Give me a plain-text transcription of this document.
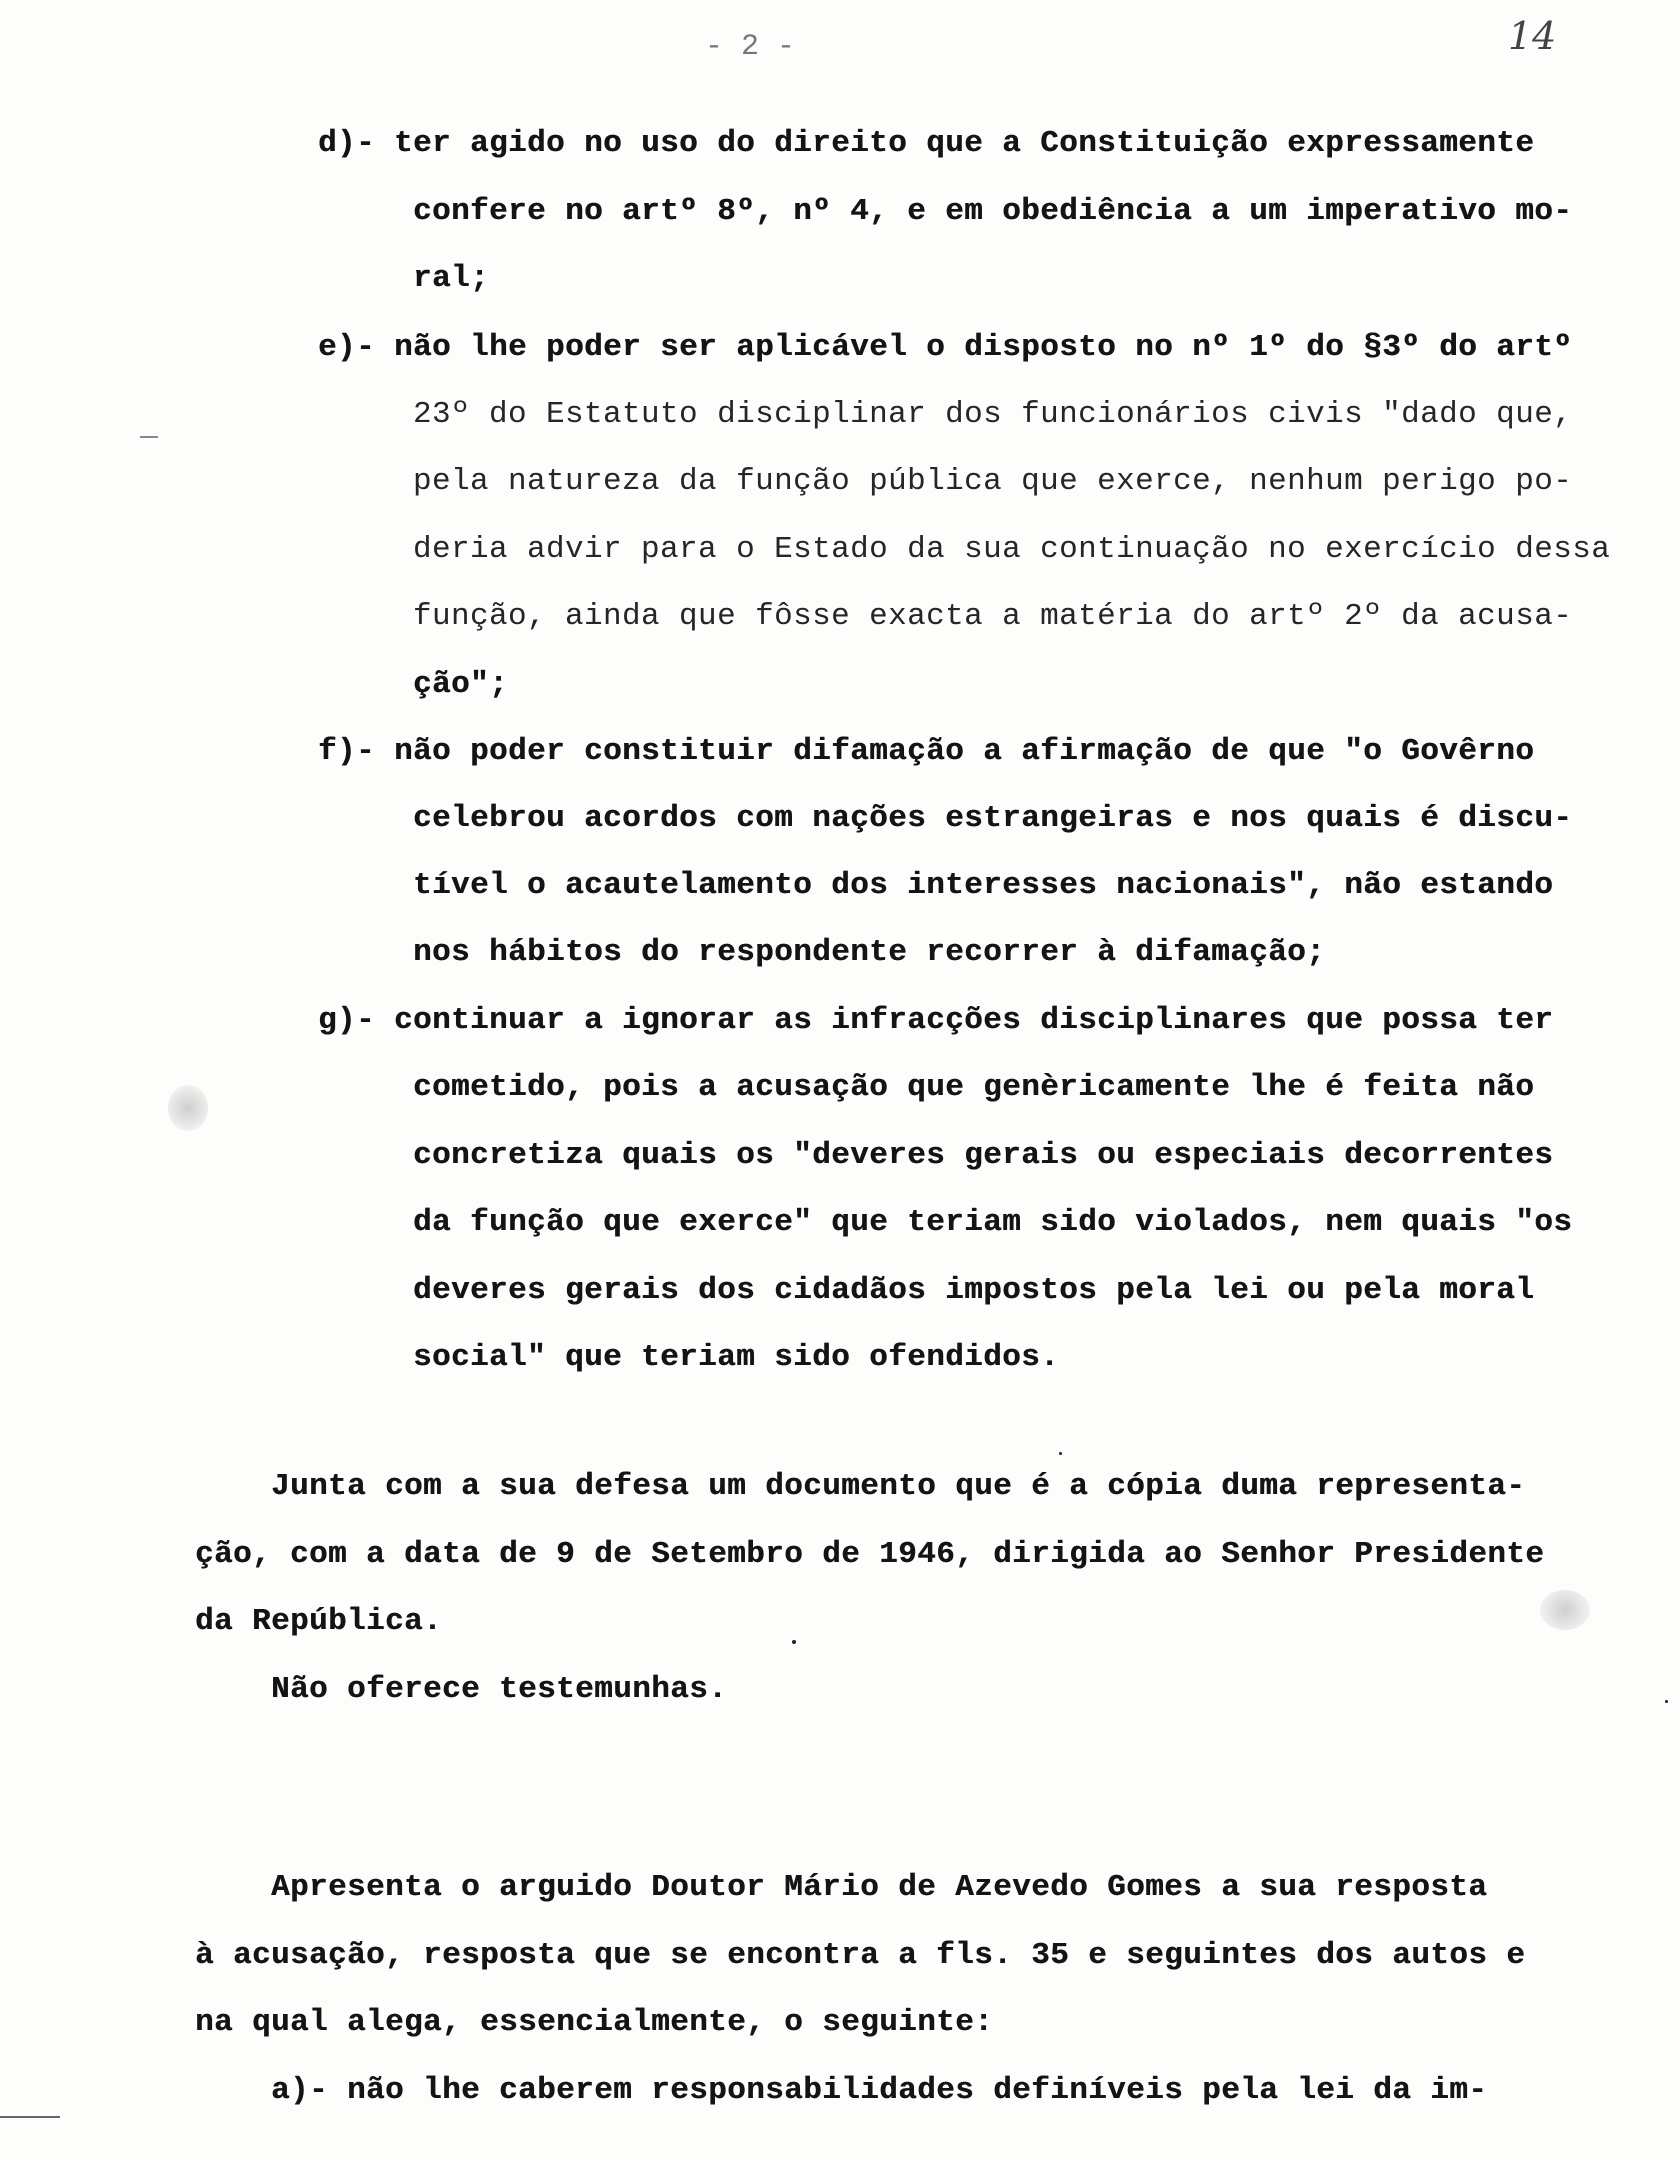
- 2 -	14
d)- ter agido no uso do direito que a Constituição expressamente
confere no artº 8º, nº 4, e em obediência a um imperativo mo-
ral;
e)- não lhe poder ser aplicável o disposto no nº 1º do §3º do artº
23º do Estatuto disciplinar dos funcionários civis "dado que,
pela natureza da função pública que exerce, nenhum perigo po-
deria advir para o Estado da sua continuação no exercício dessa
função, ainda que fôsse exacta a matéria do artº 2º da acusa-
ção";
f)- não poder constituir difamação a afirmação de que "o Govêrno
celebrou acordos com nações estrangeiras e nos quais é discu-
tível o acautelamento dos interesses nacionais", não estando
nos hábitos do respondente recorrer à difamação;
g)- continuar a ignorar as infracções disciplinares que possa ter
cometido, pois a acusação que genèricamente lhe é feita não
concretiza quais os "deveres gerais ou especiais decorrentes
da função que exerce" que teriam sido violados, nem quais "os
deveres gerais dos cidadãos impostos pela lei ou pela moral
social" que teriam sido ofendidos.
Junta com a sua defesa um documento que é a cópia duma representa-
ção, com a data de 9 de Setembro de 1946, dirigida ao Senhor Presidente
da República.
Não oferece testemunhas.
Apresenta o arguido Doutor Mário de Azevedo Gomes a sua resposta
à acusação, resposta que se encontra a fls. 35 e seguintes dos autos e
na qual alega, essencialmente, o seguinte:
a)- não lhe caberem responsabilidades definíveis pela lei da im-
